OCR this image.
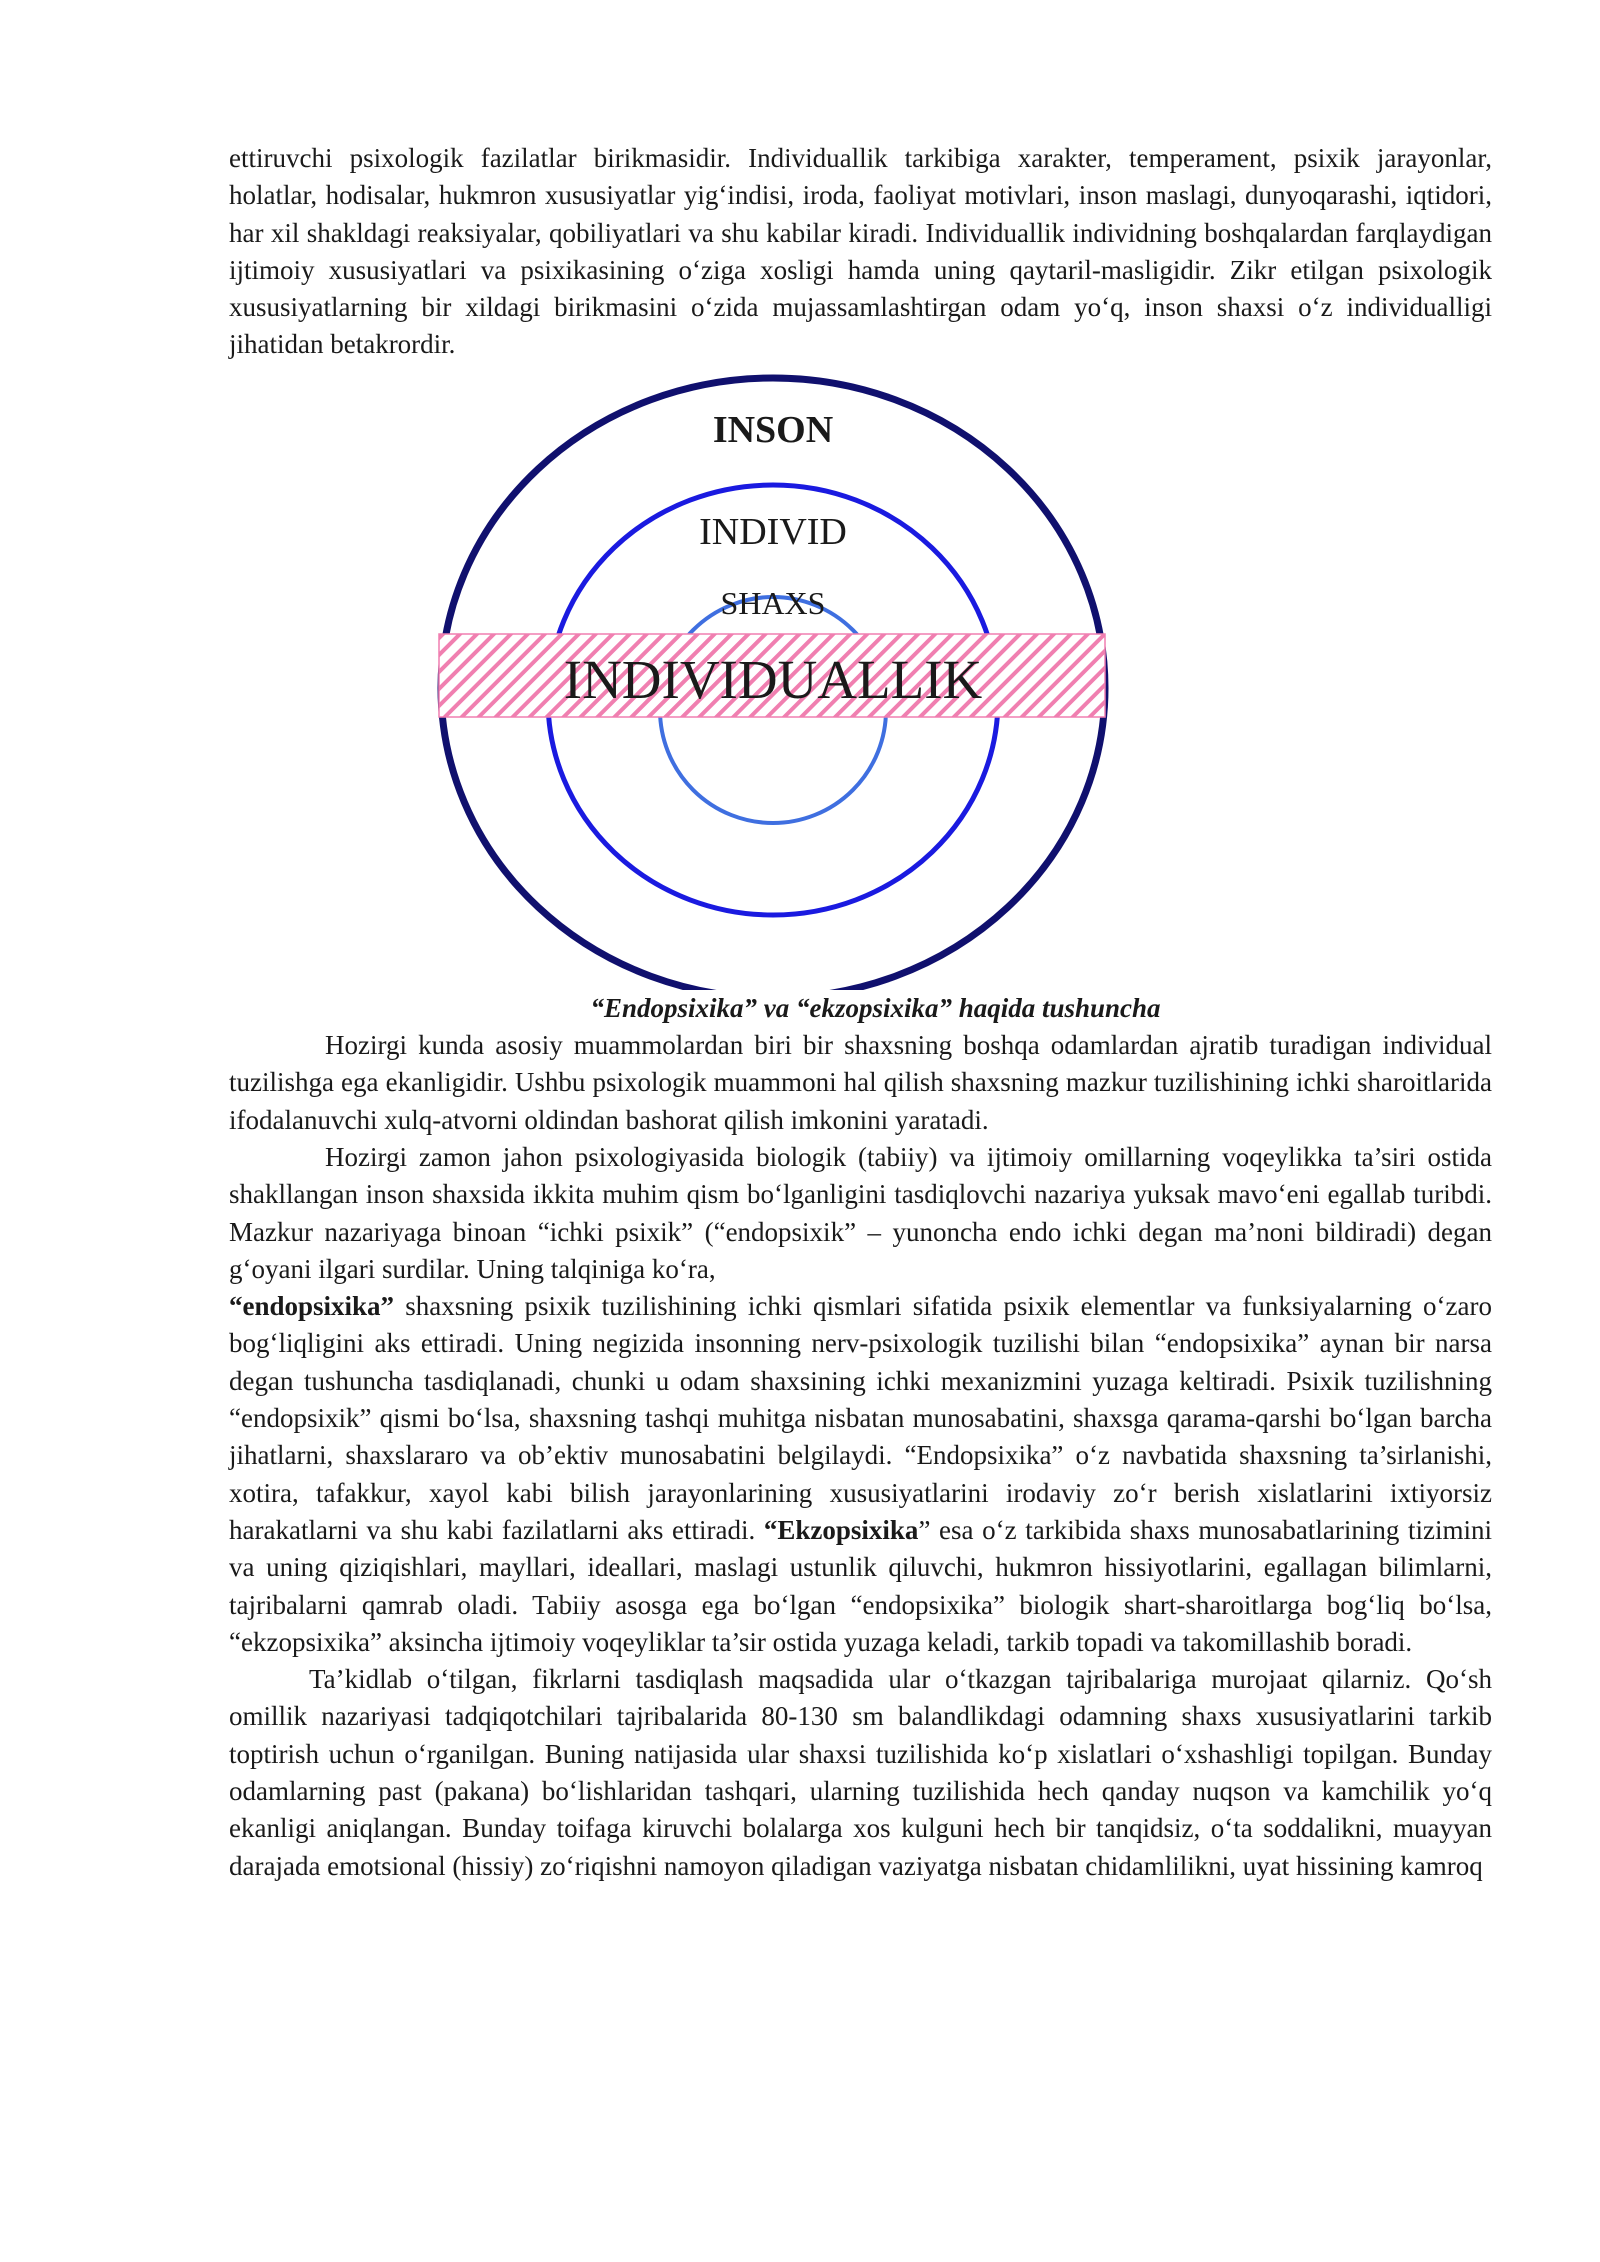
ettiruvchi psixologik fazilatlar birikmasidir. Individuallik tarkibiga xarakter, temperament, psixik jarayonlar, holatlar, hodisalar, hukmron xususiyatlar yig‘indisi, iroda, faoliyat motivlari, inson maslagi, dunyoqarashi, iqtidori, har xil shakldagi reaksiyalar, qobiliyatlari va shu kabilar kiradi. Individuallik individning boshqalardan farqlaydigan ijtimoiy xususiyatlari va psixikasining o‘ziga xosligi hamda uning qaytaril-masligidir. Zikr etilgan psixologik xususiyatlarning bir xildagi birikmasini o‘zida mujassamlashtirgan odam yo‘q, inson shaxsi o‘z individualligi jihatidan betakrordir.

INSON
INDIVID
SHAXS
INDIVIDUALLIK

“Endopsixika” va “ekzopsixika” haqida tushuncha

Hozirgi kunda asosiy muammolardan biri bir shaxsning boshqa odamlardan ajratib turadigan individual tuzilishga ega ekanligidir. Ushbu psixologik muammoni hal qilish shaxsning mazkur tuzilishining ichki sharoitlarida ifodalanuvchi xulq-atvorni oldindan bashorat qilish imkonini yaratadi.

Hozirgi zamon jahon psixologiyasida biologik (tabiiy) va ijtimoiy omillarning voqeylikka ta’siri ostida shakllangan inson shaxsida ikkita muhim qism bo‘lganligini tasdiqlovchi nazariya yuksak mavo‘eni egallab turibdi. Mazkur nazariyaga binoan “ichki psixik” (“endopsixik” – yunoncha endo ichki degan ma’noni bildiradi) degan g‘oyani ilgari surdilar. Uning talqiniga ko‘ra,
“endopsixika” shaxsning psixik tuzilishining ichki qismlari sifatida psixik elementlar va funksiyalarning o‘zaro bog‘liqligini aks ettiradi. Uning negizida insonning nerv-psixologik tuzilishi bilan “endopsixika” aynan bir narsa degan tushuncha tasdiqlanadi, chunki u odam shaxsining ichki mexanizmini yuzaga keltiradi. Psixik tuzilishning “endopsixik” qismi bo‘lsa, shaxsning tashqi muhitga nisbatan munosabatini, shaxsga qarama-qarshi bo‘lgan barcha jihatlarni, shaxslararo va ob’ektiv munosabatini belgilaydi. “Endopsixika” o‘z navbatida shaxsning ta’sirlanishi, xotira, tafakkur, xayol kabi bilish jarayonlarining xususiyatlarini irodaviy zo‘r berish xislatlarini ixtiyorsiz harakatlarni va shu kabi fazilatlarni aks ettiradi. “Ekzopsixika” esa o‘z tarkibida shaxs munosabatlarining tizimini va uning qiziqishlari, mayllari, ideallari, maslagi ustunlik qiluvchi, hukmron hissiyotlarini, egallagan bilimlarni, tajribalarni qamrab oladi. Tabiiy asosga ega bo‘lgan “endopsixika” biologik shart-sharoitlarga bog‘liq bo‘lsa, “ekzopsixika” aksincha ijtimoiy voqeyliklar ta’sir ostida yuzaga keladi, tarkib topadi va takomillashib boradi.

Ta’kidlab o‘tilgan, fikrlarni tasdiqlash maqsadida ular o‘tkazgan tajribalariga murojaat qilarniz. Qo‘sh omillik nazariyasi tadqiqotchilari tajribalarida 80-130 sm balandlikdagi odamning shaxs xususiyatlarini tarkib toptirish uchun o‘rganilgan. Buning natijasida ular shaxsi tuzilishida ko‘p xislatlari o‘xshashligi topilgan. Bunday odamlarning past (pakana) bo‘lishlaridan tashqari, ularning tuzilishida hech qanday nuqson va kamchilik yo‘q ekanligi aniqlangan. Bunday toifaga kiruvchi bolalarga xos kulguni hech bir tanqidsiz, o‘ta soddalikni, muayyan darajada emotsional (hissiy) zo‘riqishni namoyon qiladigan vaziyatga nisbatan chidamlilikni, uyat hissining kamroq
